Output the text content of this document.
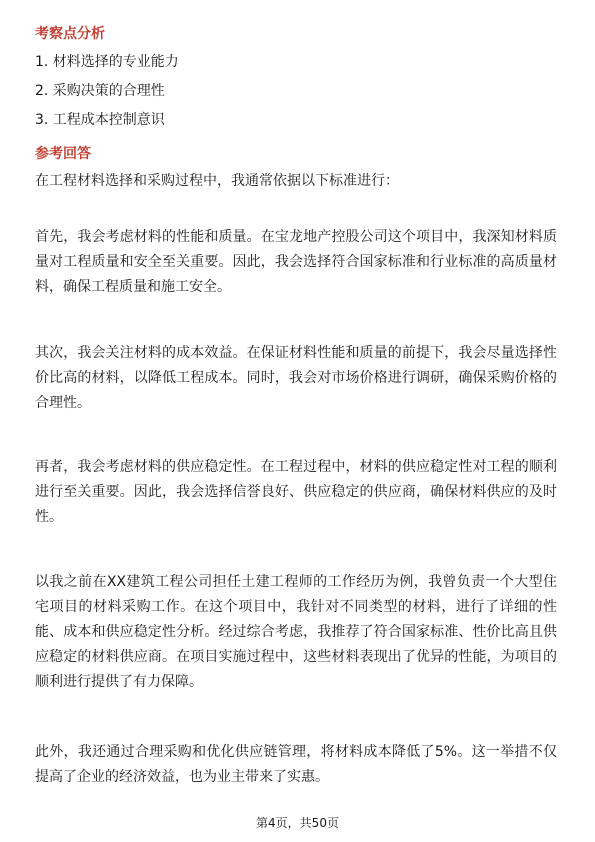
考察点分析

1. 材料选择的专业能力

2. 采购决策的合理性

3. 工程成本控制意识

参考回答

在工程材料选择和采购过程中，我通常依据以下标准进行：

首先，我会考虑材料的性能和质量。在宝龙地产控股公司这个项目中，我深知材料质量对工程质量和安全至关重要。因此，我会选择符合国家标准和行业标准的高质量材料，确保工程质量和施工安全。

其次，我会关注材料的成本效益。在保证材料性能和质量的前提下，我会尽量选择性价比高的材料，以降低工程成本。同时，我会对市场价格进行调研，确保采购价格的合理性。

再者，我会考虑材料的供应稳定性。在工程过程中，材料的供应稳定性对工程的顺利进行至关重要。因此，我会选择信誉良好、供应稳定的供应商，确保材料供应的及时性。

以我之前在XX建筑工程公司担任土建工程师的工作经历为例，我曾负责一个大型住宅项目的材料采购工作。在这个项目中，我针对不同类型的材料，进行了详细的性能、成本和供应稳定性分析。经过综合考虑，我推荐了符合国家标准、性价比高且供应稳定的材料供应商。在项目实施过程中，这些材料表现出了优异的性能，为项目的顺利进行提供了有力保障。

此外，我还通过合理采购和优化供应链管理，将材料成本降低了5%。这一举措不仅提高了企业的经济效益，也为业主带来了实惠。

第4页，共50页
